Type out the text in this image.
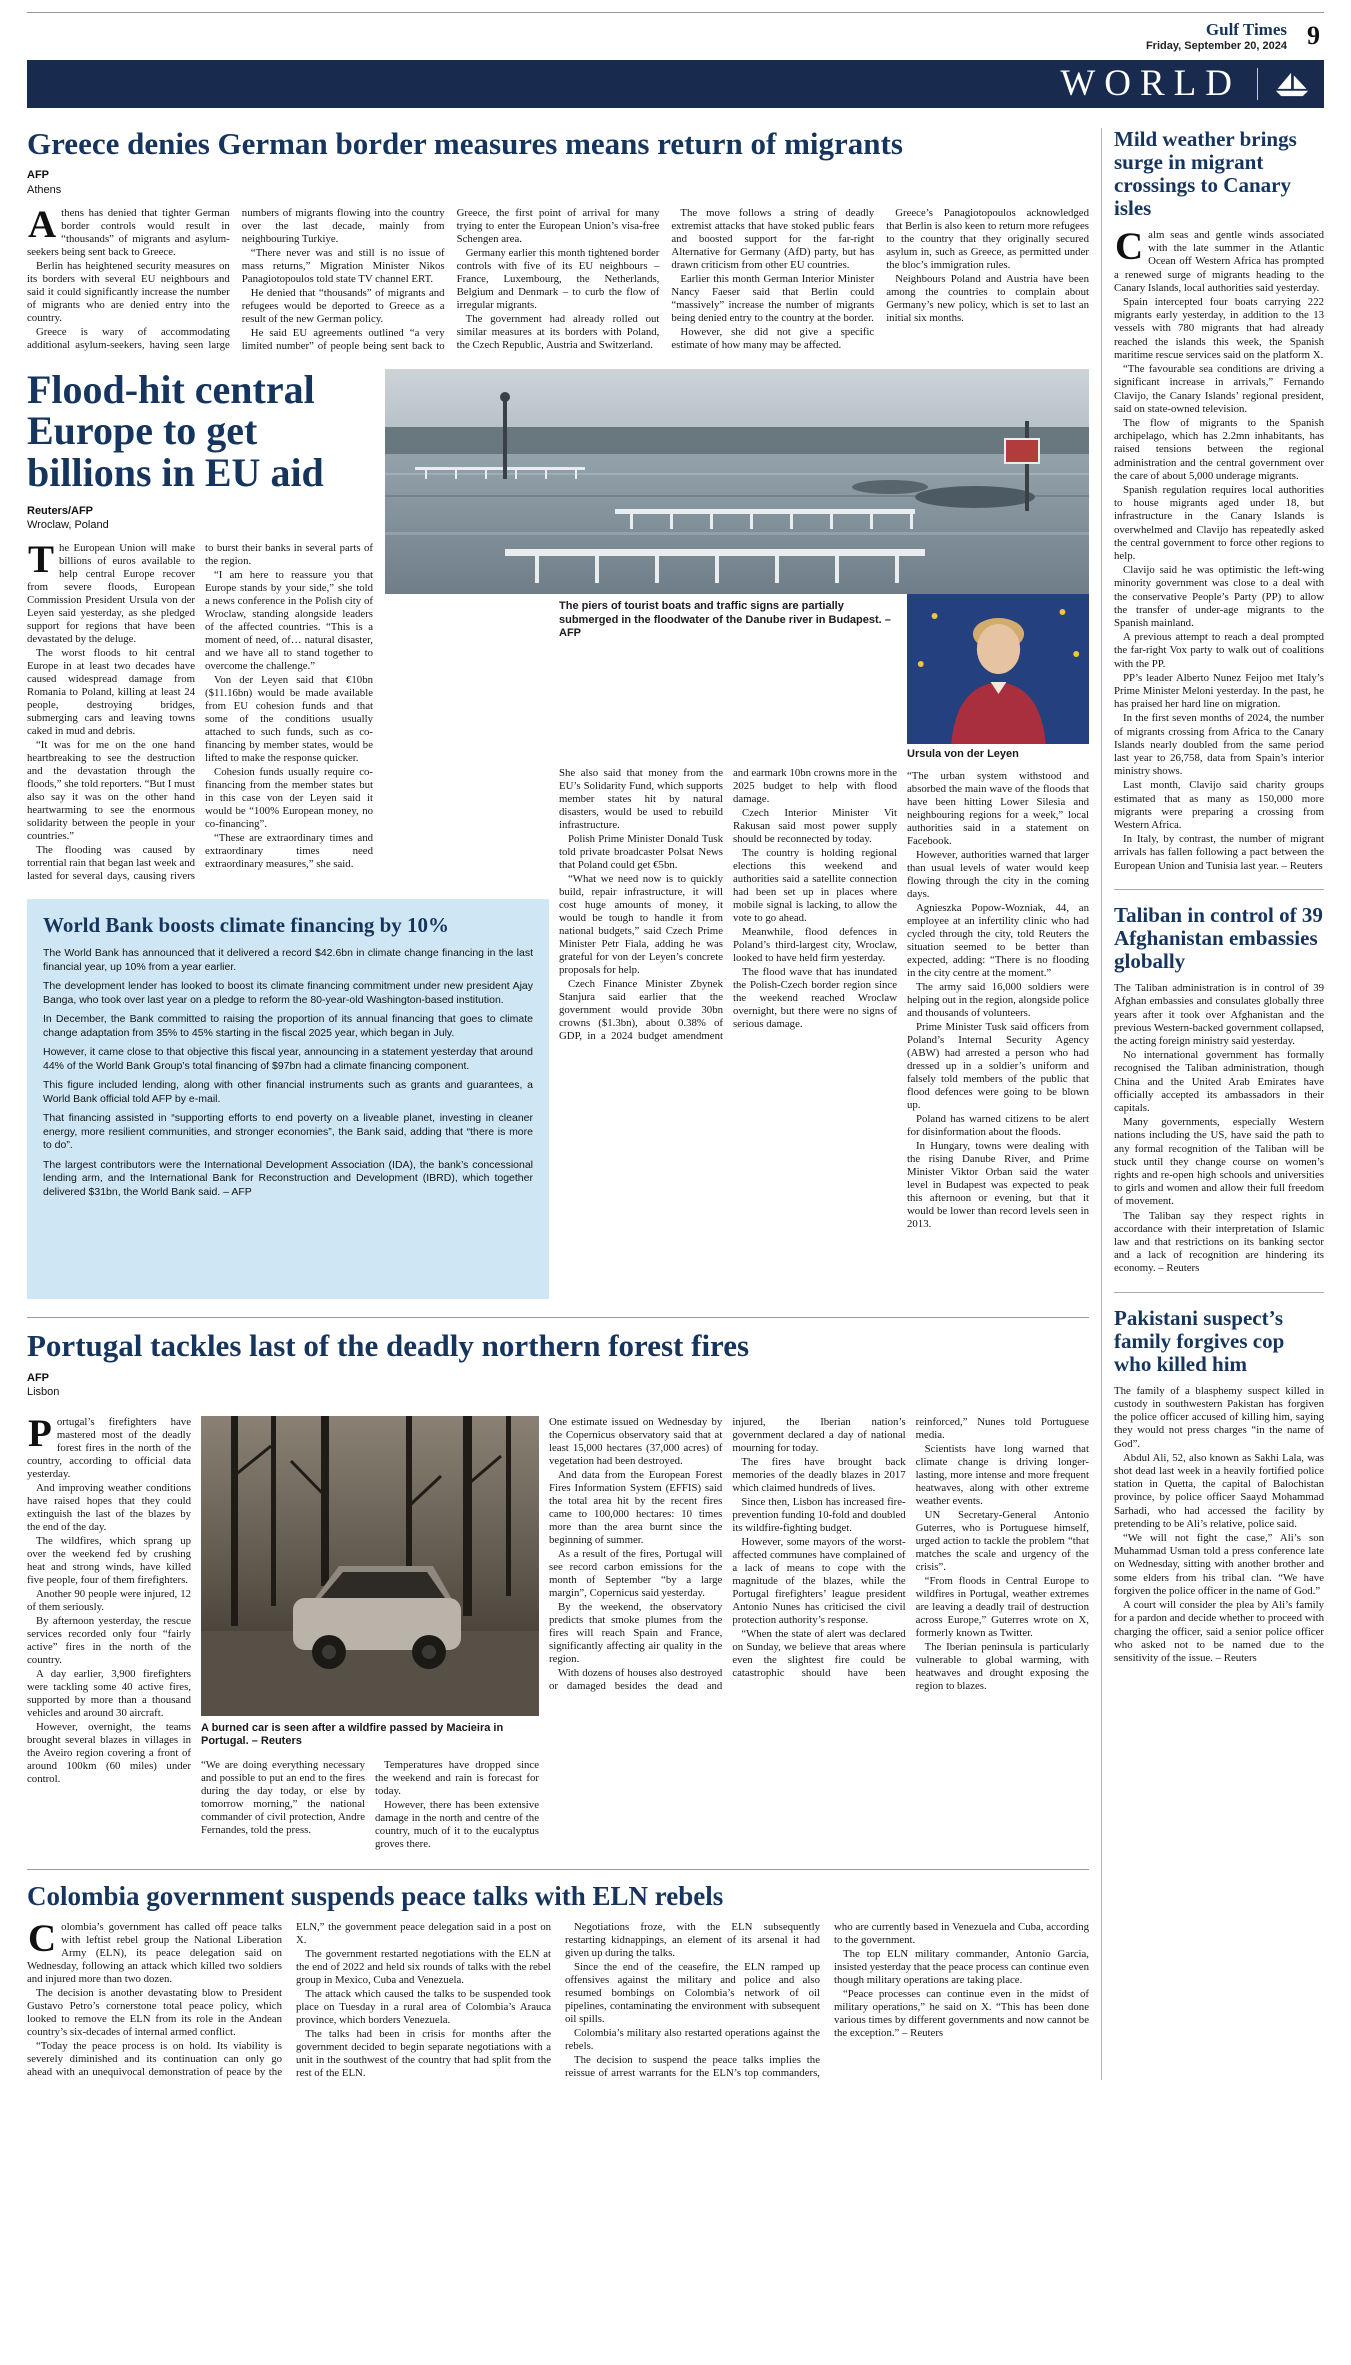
Gulf Times
Friday, September 20, 2024 9
WORLD
Greece denies German border measures means return of migrants
AFP
Athens

Athens has denied that tighter German border controls would result in “thousands” of migrants and asylum-seekers being sent back to Greece.

Berlin has heightened security measures on its borders with several EU neighbours and said it could significantly increase the number of migrants who are denied entry into the country.

Greece is wary of accommodating additional asylum-seekers, having seen large numbers of migrants flowing into the country over the last decade, mainly from neighbouring Turkiye.

“There never was and still is no issue of mass returns,” Migration Minister Nikos Panagiotopoulos told state TV channel ERT.

He denied that “thousands” of migrants and refugees would be deported to Greece as a result of the new German policy.

He said EU agreements outlined “a very limited number” of people being sent back to Greece, the first point of arrival for many trying to enter the European Union’s visa-free Schengen area.

Germany earlier this month tightened border controls with five of its EU neighbours – France, Luxembourg, the Netherlands, Belgium and Denmark – to curb the flow of irregular migrants.

The government had already rolled out similar measures at its borders with Poland, the Czech Republic, Austria and Switzerland.

The move follows a string of deadly extremist attacks that have stoked public fears and boosted support for the far-right Alternative for Germany (AfD) party, but has drawn criticism from other EU countries.

Earlier this month German Interior Minister Nancy Faeser said that Berlin could “massively” increase the number of migrants being denied entry to the country at the border.

However, she did not give a specific estimate of how many may be affected.

Greece’s Panagiotopoulos acknowledged that Berlin is also keen to return more refugees to the country that they originally secured asylum in, such as Greece, as permitted under the bloc’s immigration rules.

Neighbours Poland and Austria have been among the countries to complain about Germany’s new policy, which is set to last an initial six months.

Flood-hit central Europe to get billions in EU aid
Reuters/AFP
Wroclaw, Poland

The European Union will make billions of euros available to help central Europe recover from severe floods, European Commission President Ursula von der Leyen said yesterday, as she pledged support for regions that have been devastated by the deluge.

The worst floods to hit central Europe in at least two decades have caused widespread damage from Romania to Poland, killing at least 24 people, destroying bridges, submerging cars and leaving towns caked in mud and debris.

“It was for me on the one hand heartbreaking to see the destruction and the devastation through the floods,” she told reporters. “But I must also say it was on the other hand heartwarming to see the enormous solidarity between the people in your countries.”

The flooding was caused by torrential rain that began last week and lasted for several days, causing rivers to burst their banks in several parts of the region.

“I am here to reassure you that Europe stands by your side,” she told a news conference in the Polish city of Wroclaw, standing alongside leaders of the affected countries. “This is a moment of need, of… natural disaster, and we have all to stand together to overcome the challenge.”

Von der Leyen said that €10bn ($11.16bn) would be made available from EU cohesion funds and that some of the conditions usually attached to such funds, such as co-financing by member states, would be lifted to make the response quicker.

Cohesion funds usually require co-financing from the member states but in this case von der Leyen said it would be “100% European money, no co-financing”.

“These are extraordinary times and extraordinary times need extraordinary measures,” she said.

The piers of tourist boats and traffic signs are partially submerged in the floodwater of the Danube river in Budapest. – AFP

She also said that money from the EU’s Solidarity Fund, which supports member states hit by natural disasters, would be used to rebuild infrastructure.

Polish Prime Minister Donald Tusk told private broadcaster Polsat News that Poland could get €5bn.

“What we need now is to quickly build, repair infrastructure, it will cost huge amounts of money, it would be tough to handle it from national budgets,” said Czech Prime Minister Petr Fiala, adding he was grateful for von der Leyen’s concrete proposals for help.

Czech Finance Minister Zbynek Stanjura said earlier that the government would provide 30bn crowns ($1.3bn), about 0.38% of GDP, in a 2024 budget amendment and earmark 10bn crowns more in the 2025 budget to help with flood damage.

Czech Interior Minister Vit Rakusan said most power supply should be reconnected by today.

The country is holding regional elections this weekend and authorities said a satellite connection had been set up in places where mobile signal is lacking, to allow the vote to go ahead.

Meanwhile, flood defences in Poland’s third-largest city, Wroclaw, looked to have held firm yesterday.

The flood wave that has inundated the Polish-Czech border region since the weekend reached Wroclaw overnight, but there were no signs of serious damage.

Ursula von der Leyen

“The urban system withstood and absorbed the main wave of the floods that have been hitting Lower Silesia and neighbouring regions for a week,” local authorities said in a statement on Facebook.

However, authorities warned that larger than usual levels of water would keep flowing through the city in the coming days.

Agnieszka Popow-Wozniak, 44, an employee at an infertility clinic who had cycled through the city, told Reuters the situation seemed to be better than expected, adding: “There is no flooding in the city centre at the moment.”

The army said 16,000 soldiers were helping out in the region, alongside police and thousands of volunteers.

Prime Minister Tusk said officers from Poland’s Internal Security Agency (ABW) had arrested a person who had dressed up in a soldier’s uniform and falsely told members of the public that flood defences were going to be blown up.

Poland has warned citizens to be alert for disinformation about the floods.

In Hungary, towns were dealing with the rising Danube River, and Prime Minister Viktor Orban said the water level in Budapest was expected to peak this afternoon or evening, but that it would be lower than record levels seen in 2013.

World Bank boosts climate financing by 10%

The World Bank has announced that it delivered a record $42.6bn in climate change financing in the last financial year, up 10% from a year earlier.

The development lender has looked to boost its climate financing commitment under new president Ajay Banga, who took over last year on a pledge to reform the 80-year-old Washington-based institution.

In December, the Bank committed to raising the proportion of its annual financing that goes to climate change adaptation from 35% to 45% starting in the fiscal 2025 year, which began in July.

However, it came close to that objective this fiscal year, announcing in a statement yesterday that around 44% of the World Bank Group’s total financing of $97bn had a climate financing component.

This figure included lending, along with other financial instruments such as grants and guarantees, a World Bank official told AFP by e-mail.

That financing assisted in “supporting efforts to end poverty on a liveable planet, investing in cleaner energy, more resilient communities, and stronger economies”, the Bank said, adding that “there is more to do”.

The largest contributors were the International Development Association (IDA), the bank’s concessional lending arm, and the International Bank for Reconstruction and Development (IBRD), which together delivered $31bn, the World Bank said. – AFP

Portugal tackles last of the deadly northern forest fires
AFP
Lisbon

Portugal’s firefighters have mastered most of the deadly forest fires in the north of the country, according to official data yesterday.

And improving weather conditions have raised hopes that they could extinguish the last of the blazes by the end of the day.

The wildfires, which sprang up over the weekend fed by crushing heat and strong winds, have killed five people, four of them firefighters.

Another 90 people were injured, 12 of them seriously.

By afternoon yesterday, the rescue services recorded only four “fairly active” fires in the north of the country.

A day earlier, 3,900 firefighters were tackling some 40 active fires, supported by more than a thousand vehicles and around 30 aircraft.

However, overnight, the teams brought several blazes in villages in the Aveiro region covering a front of around 100km (60 miles) under control.

A burned car is seen after a wildfire passed by Macieira in Portugal. – Reuters

“We are doing everything necessary and possible to put an end to the fires during the day today, or else by tomorrow morning,” the national commander of civil protection, Andre Fernandes, told the press.

Temperatures have dropped since the weekend and rain is forecast for today.

However, there has been extensive damage in the north and centre of the country, much of it to the eucalyptus groves there.

One estimate issued on Wednesday by the Copernicus observatory said that at least 15,000 hectares (37,000 acres) of vegetation had been destroyed.

And data from the European Forest Fires Information System (EFFIS) said the total area hit by the recent fires came to 100,000 hectares: 10 times more than the area burnt since the beginning of summer.

As a result of the fires, Portugal will see record carbon emissions for the month of September “by a large margin”, Copernicus said yesterday.

By the weekend, the observatory predicts that smoke plumes from the fires will reach Spain and France, significantly affecting air quality in the region.

With dozens of houses also destroyed or damaged besides the dead and injured, the Iberian nation’s government declared a day of national mourning for today.

The fires have brought back memories of the deadly blazes in 2017 which claimed hundreds of lives.

Since then, Lisbon has increased fire-prevention funding 10-fold and doubled its wildfire-fighting budget.

However, some mayors of the worst-affected communes have complained of a lack of means to cope with the magnitude of the blazes, while the Portugal firefighters’ league president Antonio Nunes has criticised the civil protection authority’s response.

“When the state of alert was declared on Sunday, we believe that areas where even the slightest fire could be catastrophic should have been reinforced,” Nunes told Portuguese media.

Scientists have long warned that climate change is driving longer-lasting, more intense and more frequent heatwaves, along with other extreme weather events.

UN Secretary-General Antonio Guterres, who is Portuguese himself, urged action to tackle the problem “that matches the scale and urgency of the crisis”.

“From floods in Central Europe to wildfires in Portugal, weather extremes are leaving a deadly trail of destruction across Europe,” Guterres wrote on X, formerly known as Twitter.

The Iberian peninsula is particularly vulnerable to global warming, with heatwaves and drought exposing the region to blazes.

Colombia government suspends peace talks with ELN rebels

Colombia’s government has called off peace talks with leftist rebel group the National Liberation Army (ELN), its peace delegation said on Wednesday, following an attack which killed two soldiers and injured more than two dozen.

The decision is another devastating blow to President Gustavo Petro’s cornerstone total peace policy, which looked to remove the ELN from its role in the Andean country’s six-decades of internal armed conflict.

“Today the peace process is on hold. Its viability is severely diminished and its continuation can only go ahead with an unequivocal demonstration of peace by the ELN,” the government peace delegation said in a post on X.

The government restarted negotiations with the ELN at the end of 2022 and held six rounds of talks with the rebel group in Mexico, Cuba and Venezuela.

The attack which caused the talks to be suspended took place on Tuesday in a rural area of Colombia’s Arauca province, which borders Venezuela.

The talks had been in crisis for months after the government decided to begin separate negotiations with a unit in the southwest of the country that had split from the rest of the ELN.

Negotiations froze, with the ELN subsequently restarting kidnappings, an element of its arsenal it had given up during the talks.

Since the end of the ceasefire, the ELN ramped up offensives against the military and police and also resumed bombings on Colombia’s network of oil pipelines, contaminating the environment with subsequent oil spills.

Colombia’s military also restarted operations against the rebels.

The decision to suspend the peace talks implies the reissue of arrest warrants for the ELN’s top commanders, who are currently based in Venezuela and Cuba, according to the government.

The top ELN military commander, Antonio Garcia, insisted yesterday that the peace process can continue even though military operations are taking place.

“Peace processes can continue even in the midst of military operations,” he said on X. “This has been done various times by different governments and now cannot be the exception.” – Reuters

Mild weather brings surge in migrant crossings to Canary isles

Calm seas and gentle winds associated with the late summer in the Atlantic Ocean off Western Africa has prompted a renewed surge of migrants heading to the Canary Islands, local authorities said yesterday.

Spain intercepted four boats carrying 222 migrants early yesterday, in addition to the 13 vessels with 780 migrants that had already reached the islands this week, the Spanish maritime rescue services said on the platform X.

“The favourable sea conditions are driving a significant increase in arrivals,” Fernando Clavijo, the Canary Islands’ regional president, said on state-owned television.

The flow of migrants to the Spanish archipelago, which has 2.2mn inhabitants, has raised tensions between the regional administration and the central government over the care of about 5,000 underage migrants.

Spanish regulation requires local authorities to house migrants aged under 18, but infrastructure in the Canary Islands is overwhelmed and Clavijo has repeatedly asked the central government to force other regions to help.

Clavijo said he was optimistic the left-wing minority government was close to a deal with the conservative People’s Party (PP) to allow the transfer of under-age migrants to the Spanish mainland.

A previous attempt to reach a deal prompted the far-right Vox party to walk out of coalitions with the PP.

PP’s leader Alberto Nunez Feijoo met Italy’s Prime Minister Meloni yesterday. In the past, he has praised her hard line on migration.

In the first seven months of 2024, the number of migrants crossing from Africa to the Canary Islands nearly doubled from the same period last year to 26,758, data from Spain’s interior ministry shows.

Last month, Clavijo said charity groups estimated that as many as 150,000 more migrants were preparing a crossing from Western Africa.

In Italy, by contrast, the number of migrant arrivals has fallen following a pact between the European Union and Tunisia last year. – Reuters

Taliban in control of 39 Afghanistan embassies globally

The Taliban administration is in control of 39 Afghan embassies and consulates globally three years after it took over Afghanistan and the previous Western-backed government collapsed, the acting foreign ministry said yesterday.

No international government has formally recognised the Taliban administration, though China and the United Arab Emirates have officially accepted its ambassadors in their capitals.

Many governments, especially Western nations including the US, have said the path to any formal recognition of the Taliban will be stuck until they change course on women’s rights and re-open high schools and universities to girls and women and allow their full freedom of movement.

The Taliban say they respect rights in accordance with their interpretation of Islamic law and that restrictions on its banking sector and a lack of recognition are hindering its economy. – Reuters

Pakistani suspect’s family forgives cop who killed him

The family of a blasphemy suspect killed in custody in southwestern Pakistan has forgiven the police officer accused of killing him, saying they would not press charges “in the name of God”.

Abdul Ali, 52, also known as Sakhi Lala, was shot dead last week in a heavily fortified police station in Quetta, the capital of Balochistan province, by police officer Saayd Mohammad Sarhadi, who had accessed the facility by pretending to be Ali’s relative, police said.

“We will not fight the case,” Ali’s son Muhammad Usman told a press conference late on Wednesday, sitting with another brother and some elders from his tribal clan. “We have forgiven the police officer in the name of God.”

A court will consider the plea by Ali’s family for a pardon and decide whether to proceed with charging the officer, said a senior police officer who asked not to be named due to the sensitivity of the issue. – Reuters
